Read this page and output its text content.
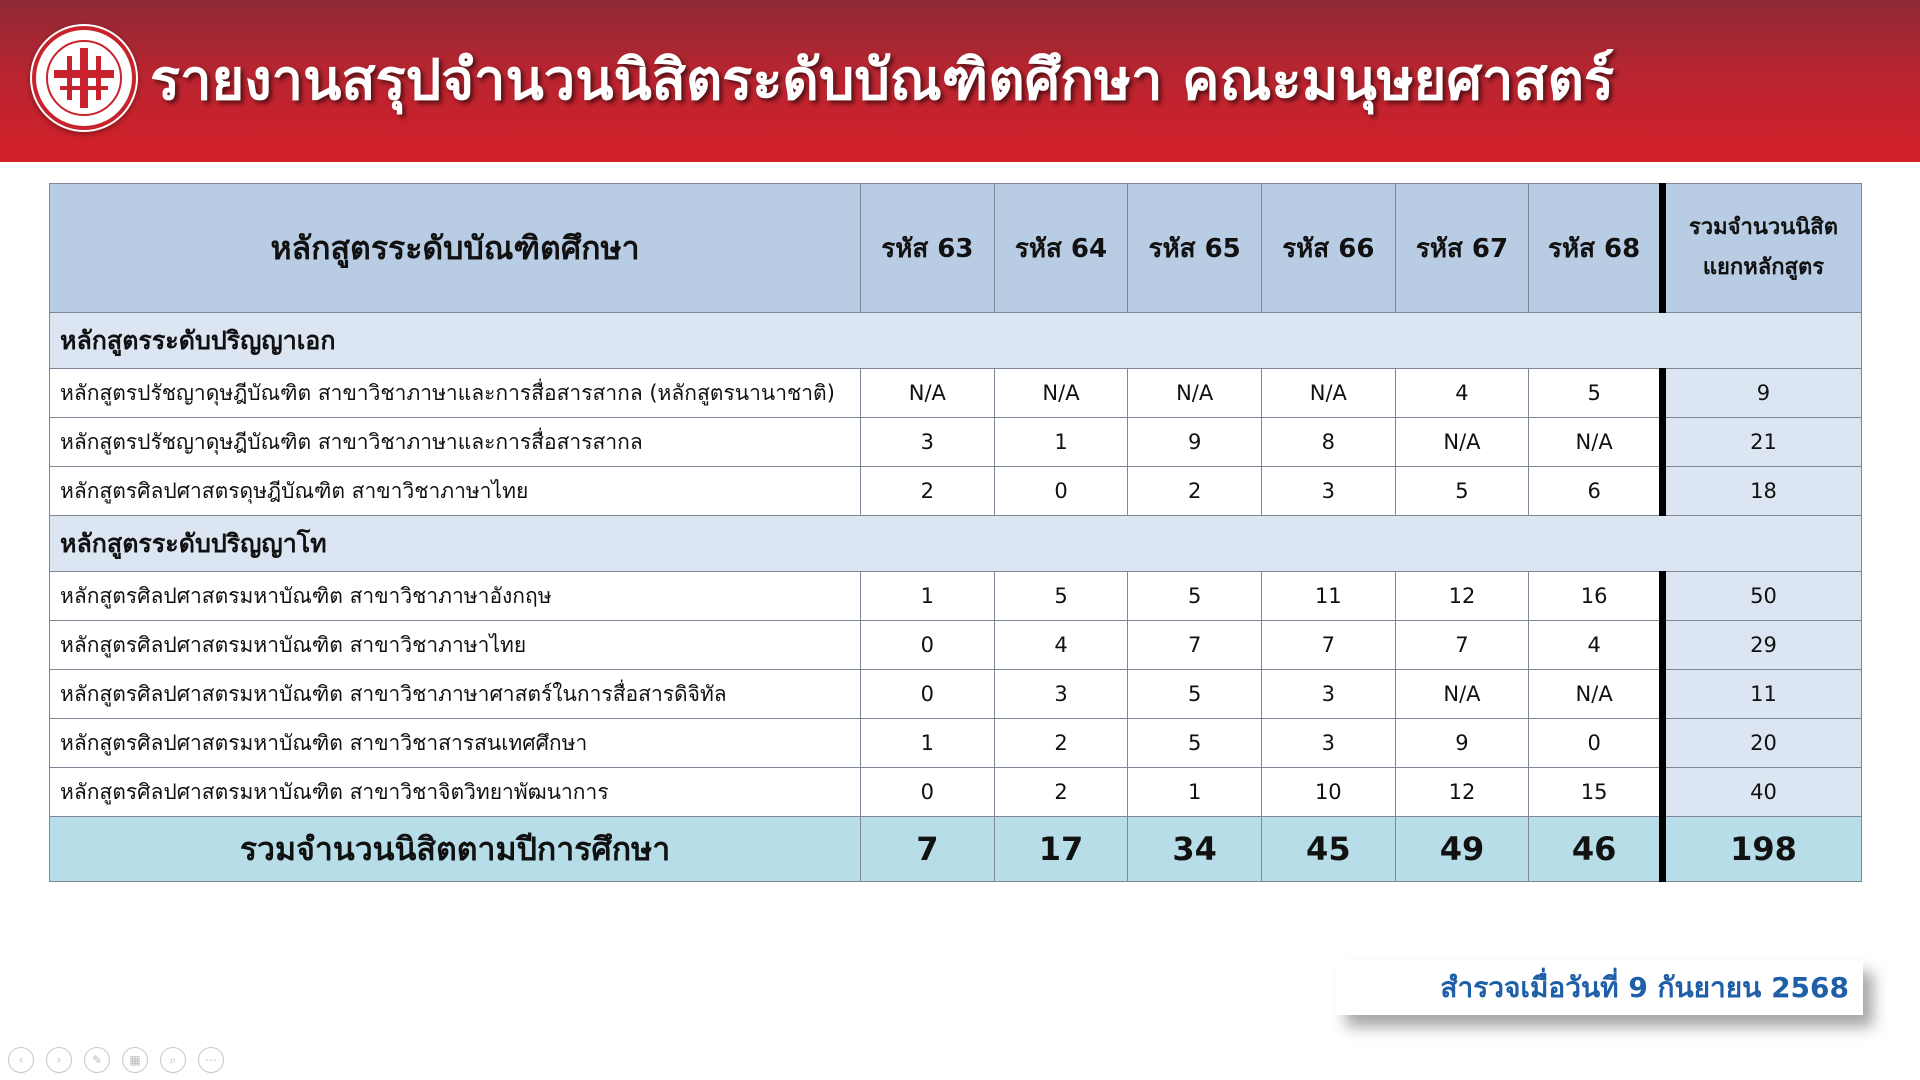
รายงานสรุปจำนวนนิสิตระดับบัณฑิตศึกษา คณะมนุษยศาสตร์
หลักสูตรระดับบัณฑิตศึกษา	รหัส 63	รหัส 64	รหัส 65	รหัส 66	รหัส 67	รหัส 68	รวมจำนวนนิสิต
แยกหลักสูตร

หลักสูตรระดับปริญญาเอก							
หลักสูตรปรัชญาดุษฎีบัณฑิต สาขาวิชาภาษาและการสื่อสารสากล (หลักสูตรนานาชาติ)	N/A	N/A	N/A	N/A	4	5	9
หลักสูตรปรัชญาดุษฎีบัณฑิต สาขาวิชาภาษาและการสื่อสารสากล	3	1	9	8	N/A	N/A	21
หลักสูตรศิลปศาสตรดุษฎีบัณฑิต สาขาวิชาภาษาไทย	2	0	2	3	5	6	18
หลักสูตรระดับปริญญาโท							
หลักสูตรศิลปศาสตรมหาบัณฑิต สาขาวิชาภาษาอังกฤษ	1	5	5	11	12	16	50
หลักสูตรศิลปศาสตรมหาบัณฑิต สาขาวิชาภาษาไทย	0	4	7	7	7	4	29
หลักสูตรศิลปศาสตรมหาบัณฑิต สาขาวิชาภาษาศาสตร์ในการสื่อสารดิจิทัล	0	3	5	3	N/A	N/A	11
หลักสูตรศิลปศาสตรมหาบัณฑิต สาขาวิชาสารสนเทศศึกษา	1	2	5	3	9	0	20
หลักสูตรศิลปศาสตรมหาบัณฑิต สาขาวิชาจิตวิทยาพัฒนาการ	0	2	1	10	12	15	40
รวมจำนวนนิสิตตามปีการศึกษา	7	17	34	45	49	46	198
สำรวจเมื่อวันที่ 9 กันยายน 2568
‹	›	✎	▦	⌕	⋯
